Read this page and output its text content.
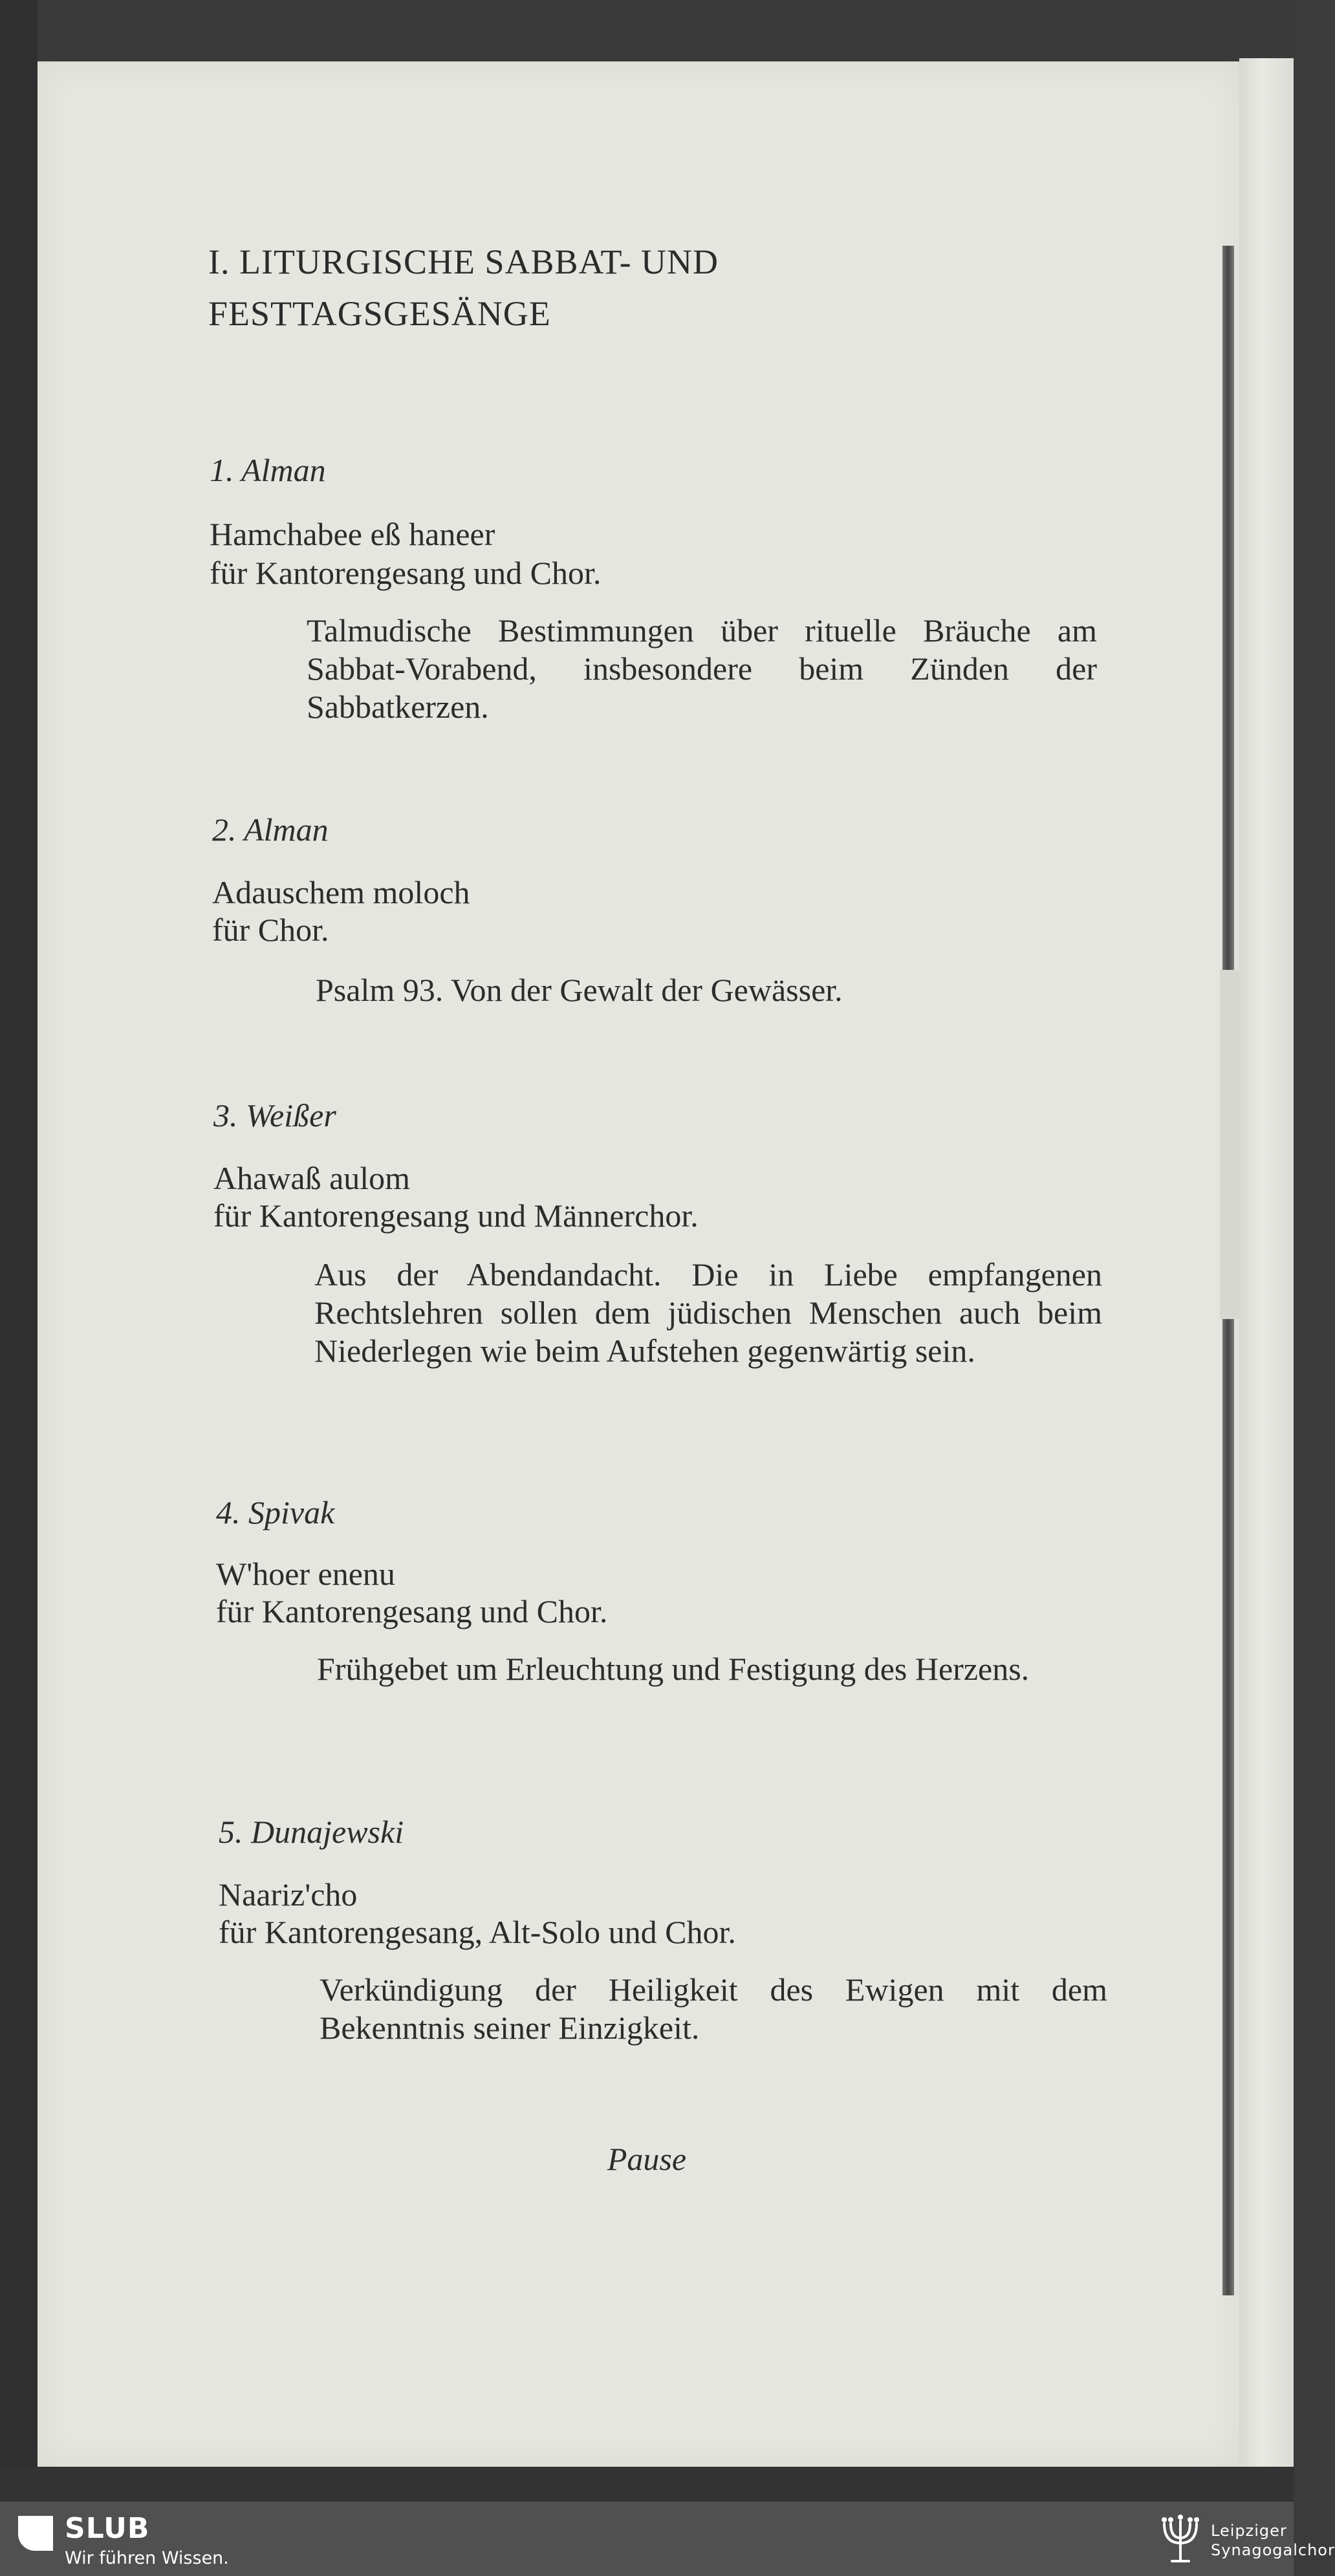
I. LITURGISCHE SABBAT- UND
FESTTAGSGESÄNGE
1. Alman
Hamchabee eß haneer
für Kantorengesang und Chor.
Talmudische Bestimmungen über rituelle Bräuche am Sabbat-Vorabend, insbesondere beim Zünden der Sabbatkerzen.
2. Alman
Adauschem moloch
für Chor.
Psalm 93. Von der Gewalt der Gewässer.
3. Weißer
Ahawaß aulom
für Kantorengesang und Männerchor.
Aus der Abendandacht. Die in Liebe empfangenen Rechtslehren sollen dem jüdischen Menschen auch beim Niederlegen wie beim Aufstehen gegenwärtig sein.
4. Spivak
W'hoer enenu
für Kantorengesang und Chor.
Frühgebet um Erleuchtung und Festigung des Herzens.
5. Dunajewski
Naariz'cho
für Kantorengesang, Alt-Solo und Chor.
Verkündigung der Heiligkeit des Ewigen mit dem Bekenntnis seiner Einzigkeit.
Pause
SLUB
Wir führen Wissen.
Leipziger
Synagogalchor
